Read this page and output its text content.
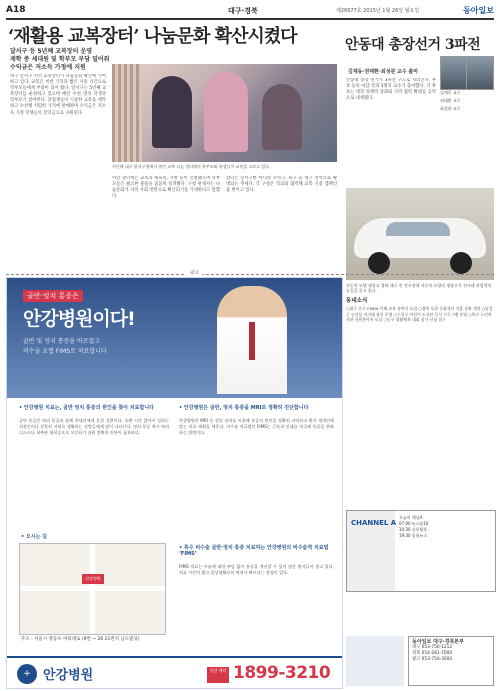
A18	대구·경북	제26677호 2015년 1월 26일 월요일	동아일보
‘재활용 교복장터’ 나눔문화 확산시켰다
달서구 등 5년째 교복장터 운영
재학 중 세대원 및 학부모 부담 덜어줘
수익금은 저소득 가정에 지원
대구 달서구 지역 교복장터가 나눔문화 확산에 기여하고 있다. 교복은 비싼 가격과 짧은 사용 기간으로 학부모들에게 부담이 되어 왔다. 달서구는 5년째 교복장터를 운영하고 있으며 매년 수천 명의 학생과 학부모가 참여한다. 졸업생들이 기증한 교복을 세탁하고 수선해 저렴한 가격에 판매하며 수익금은 저소득 가정 학생들의 장학금으로 지원된다.
지난해 대구 달서구청에서 열린 교복 나눔 장터에서 학부모와 학생들이 교복을 고르고 있다.
이날 장터에는 교복과 체육복, 가방 등이 진열됐으며 학부모들은 필요한 물품을 꼼꼼히 살펴봤다. 구청 관계자는 나눔문화가 지역 사회 전반으로 확산되기를 기대한다고 말했다.
장터는 달서구뿐 아니라 수성구, 북구 등 대구 전역으로 확대되는 추세다. 각 구청은 학교와 협력해 교복 기증 캠페인을 벌이고 있다.
안동대 총장선거 3파전
김재동·권태환·최성관 교수 출마
김재동 교수
안동대 총장 선거가 3파전 구도로 치러진다. 후보 등록 마감 결과 3명의 교수가 출마했다. 각 후보는 대학 경쟁력 강화와 지역 협력 확대를 공약으로 내세웠다.	권태환 교수
최성관 교수
자동차 모양 냉장고 경북 대구 한 전시장에 자동차 모양의 냉장고가 전시돼 관람객의 눈길을 끌고 있다.
광고
골반·엉치 통증은
안강병원이다!
골반 및 엉치 통증을 바로잡고
비수술 요법 FIMS로 치료합니다
• 안강병원 치료는, 골반 엉치 통증의 원인을 찾아 치료합니다
골반 통증은 허리 통증과 함께 현대인에게 흔한 질환이다. 오랜 시간 앉아서 일하는 직장인이나 잘못된 자세로 생활하는 사람들에게 많이 나타난다. 엉치 통증 역시 허리 디스크나 척추관 협착증으로 오인되기 쉬워 정확한 진단이 필요하다.
• 안강병원은 골반, 엉치 통증을 MRI로 정확히 진단합니다
안강병원은 MRI 등 정밀 장비를 이용해 통증의 원인을 정확히 파악하고 환자 개개인에 맞는 치료 계획을 세운다. 비수술 치료법인 FIMS는 근육과 인대를 자극해 통증을 완화하는 방법이다.
• 특수 비수술 골반·엉치 통증 치료하는 안강병원의 비수술적 치료법 ‘FIMS’
FIMS 치료는 수술에 대한 부담 없이 통증을 개선할 수 있어 많은 환자들이 찾고 있다. 치료 시간이 짧고 일상생활로의 복귀가 빠르다는 장점이 있다.
• 오시는 길
안강병원
주소 : 서울시 영등포 여의대로 (9번 ~ 26 21번지 남도빌딩)
+ 안강병원	상담 예약 1899-3210
동네소식
○대구 중구 CMEN 이해 교육 참여자 모집 ○경북 포항 문화센터 겨울 강좌 개설 ○달성군 농산물 직거래 장터 운영 ○수성구 어린이 도서관 독서 프로그램 운영 ○북구 노인복지관 자원봉사자 모집 ○동구 생활체육 대회 참가 신청 접수
CHANNEL A
오늘의 채널A
07:00 뉴스톱10
10:30 신통방통
19:30 종합뉴스
동아일보 대구·경북본부
대구 053-750-1212
경북 054-281-7000
광고 053-750-3000
